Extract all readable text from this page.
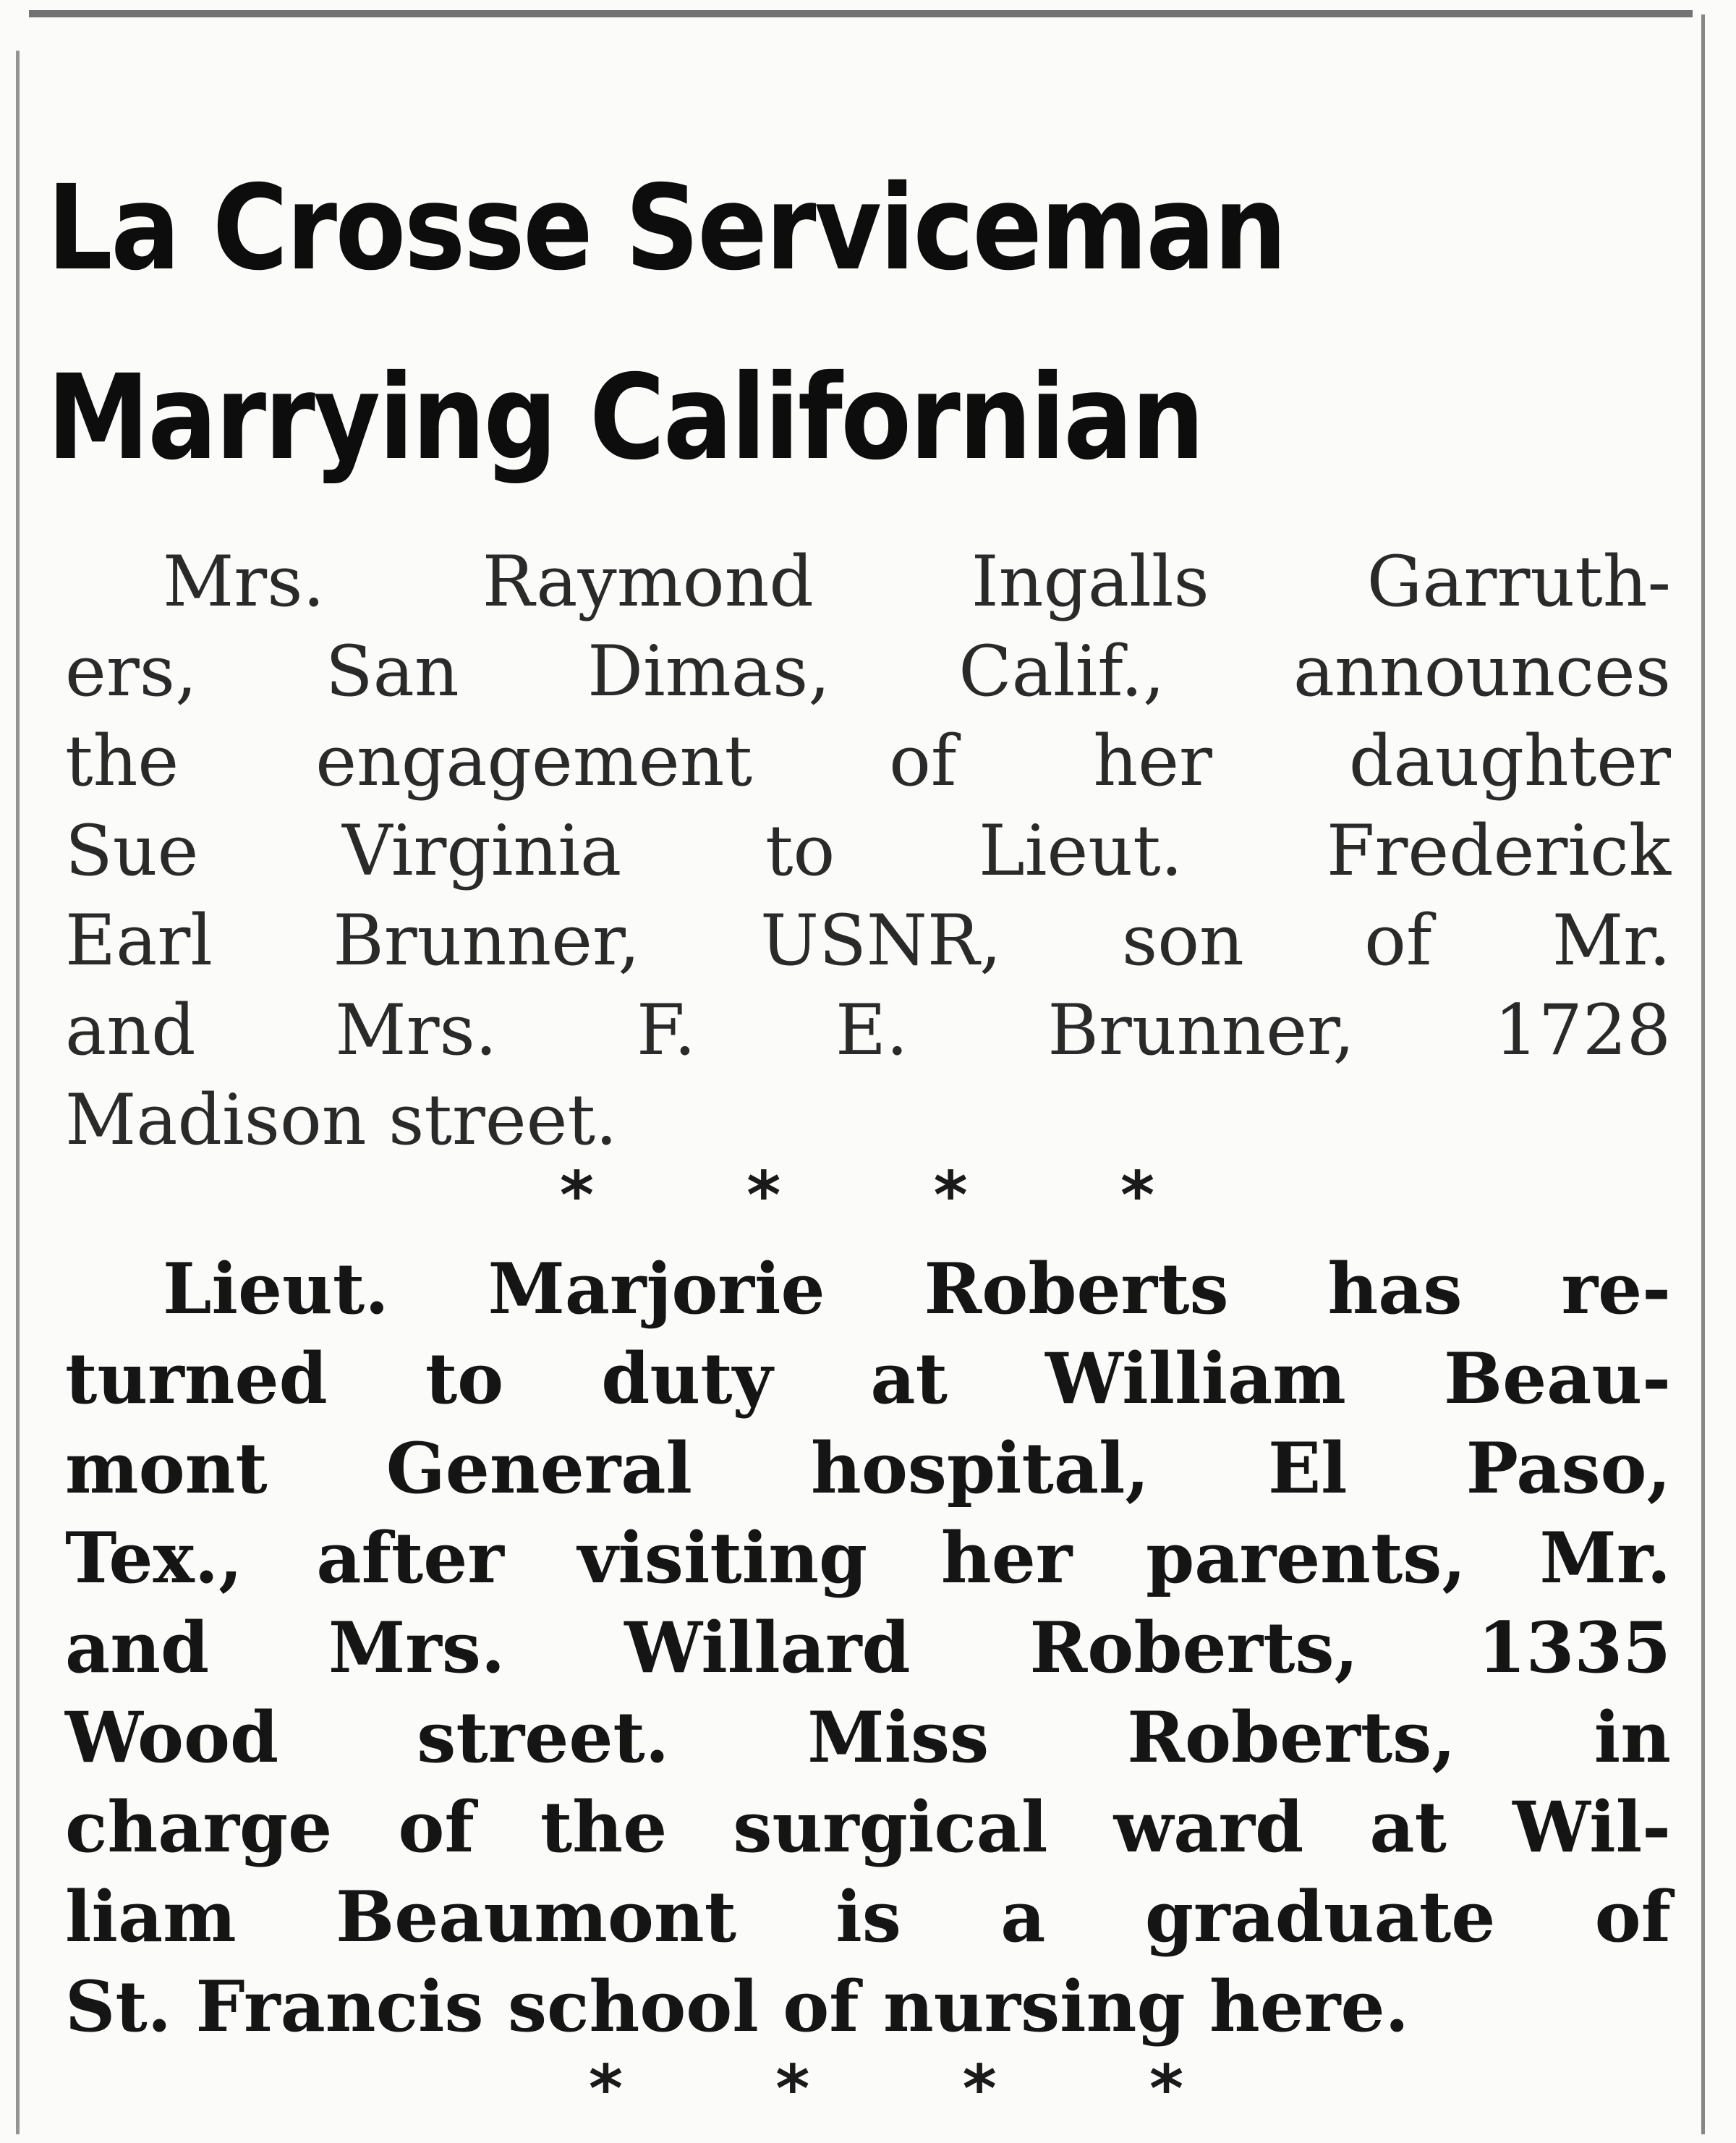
La Crosse Serviceman
Marrying Californian
Mrs. Raymond Ingalls Garruth-
ers, San Dimas, Calif., announces
the engagement of her daughter
Sue Virginia to Lieut. Frederick
Earl Brunner, USNR, son of Mr.
and Mrs. F. E. Brunner, 1728
Madison street.
* * * *
Lieut. Marjorie Roberts has re-
turned to duty at William Beau-
mont General hospital, El Paso,
Tex., after visiting her parents, Mr.
and Mrs. Willard Roberts, 1335
Wood street. Miss Roberts, in
charge of the surgical ward at Wil-
liam Beaumont is a graduate of
St. Francis school of nursing here.
* * * *
